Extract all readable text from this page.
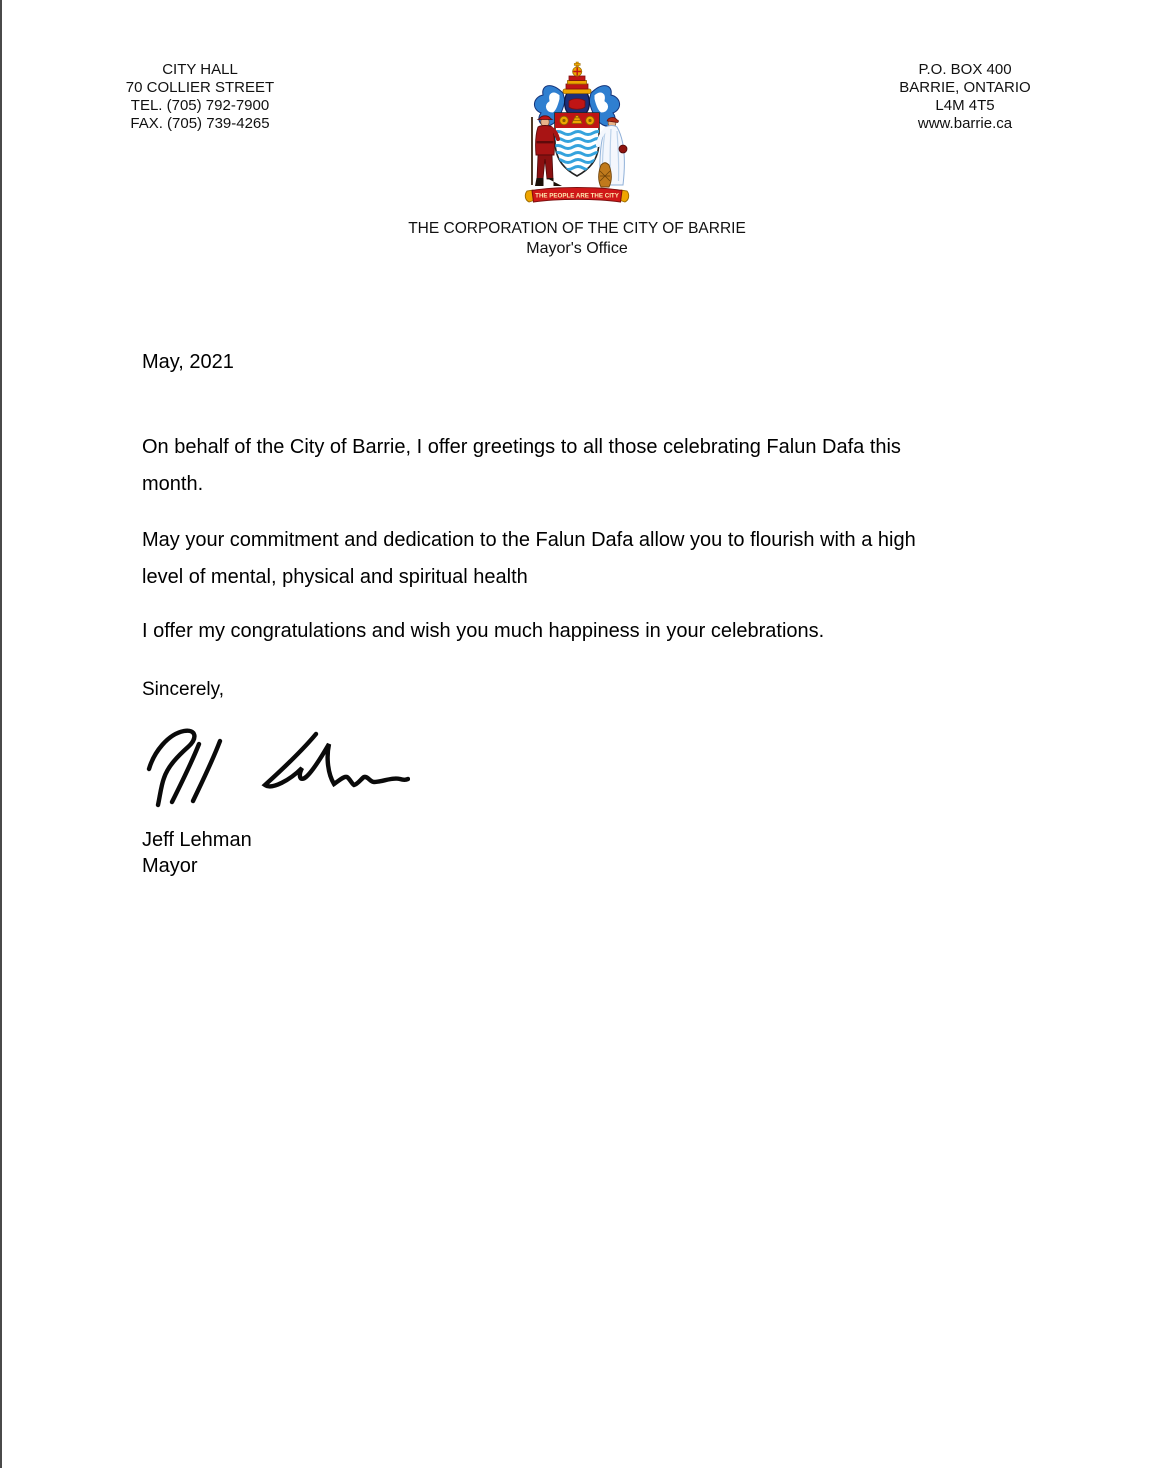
CITY HALL
70 COLLIER STREET
TEL. (705) 792-7900
FAX. (705) 739-4265
P.O. BOX 400
BARRIE, ONTARIO
L4M 4T5
www.barrie.ca
THE PEOPLE ARE THE CITY
THE CORPORATION OF THE CITY OF BARRIE
Mayor's Office
May, 2021
On behalf of the City of Barrie, I offer greetings to all those celebrating Falun Dafa this
month.
May your commitment and dedication to the Falun Dafa allow you to flourish with a high
level of mental, physical and spiritual health
I offer my congratulations and wish you much happiness in your celebrations.
Sincerely,
Jeff Lehman
Mayor
